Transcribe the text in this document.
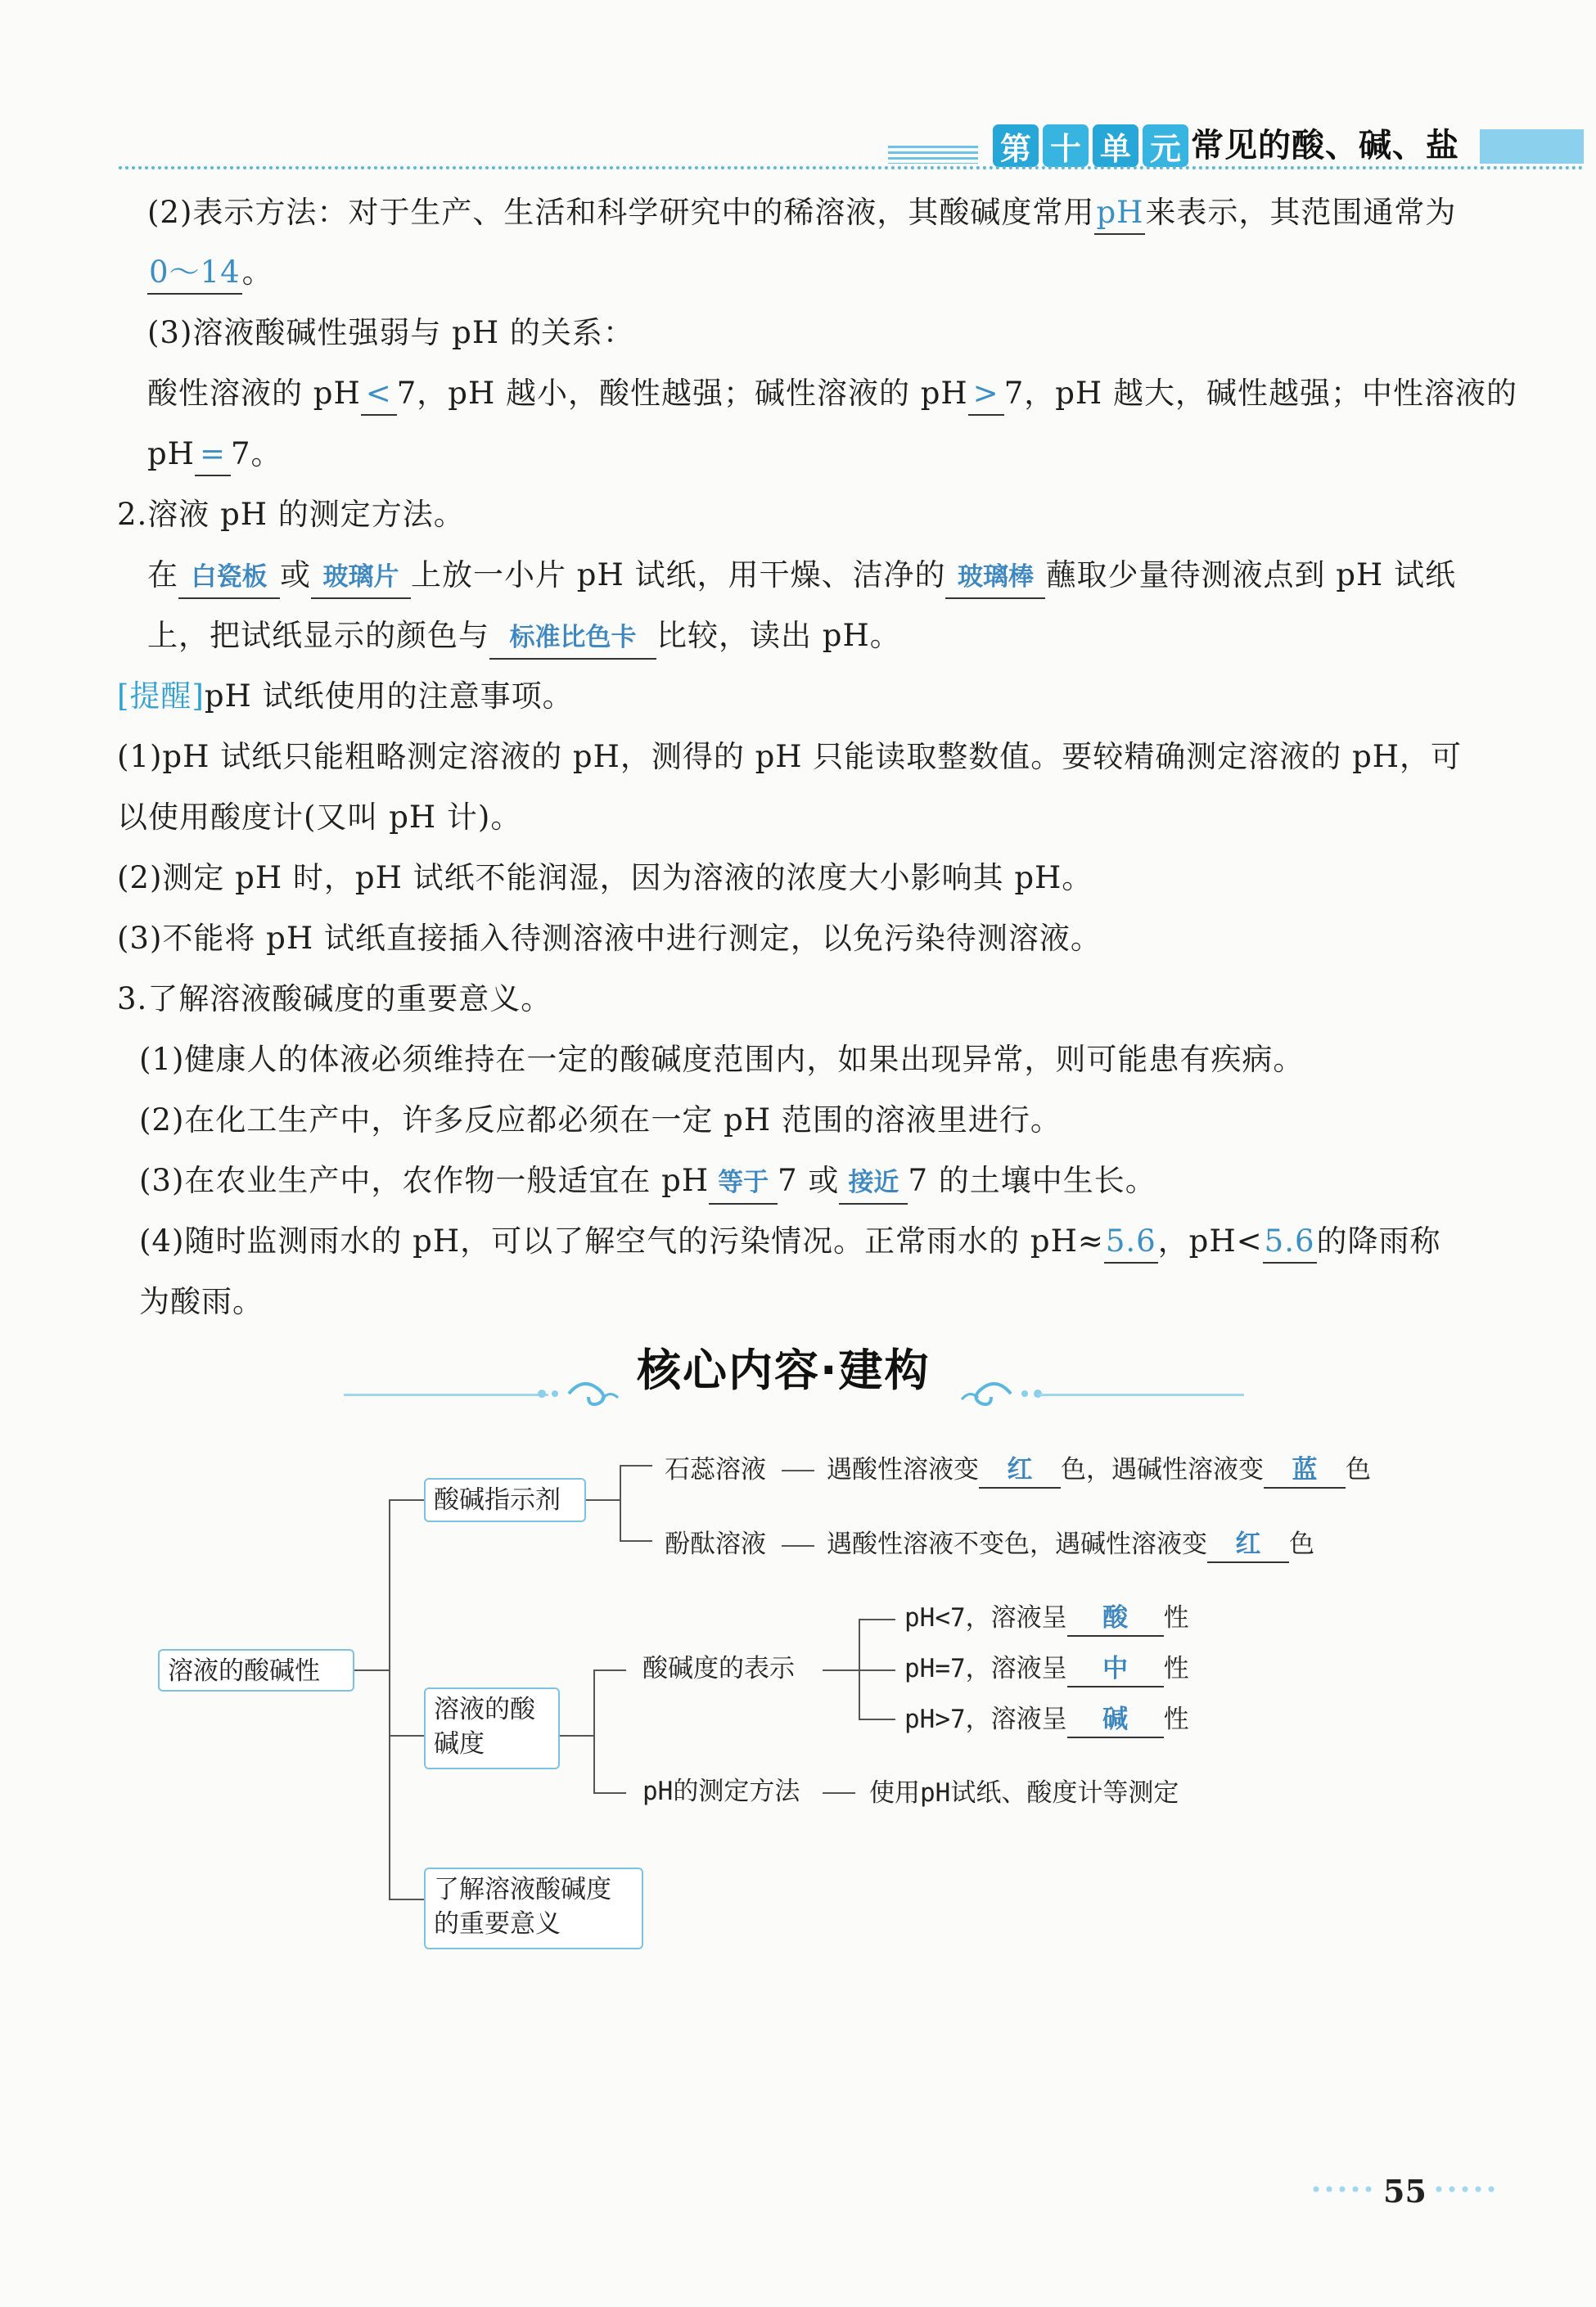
第 十 单 元 常见的酸、碱、盐
(2)表示方法：对于生产、生活和科学研究中的稀溶液，其酸碱度常用pH来表示，其范围通常为
0～14。
(3)溶液酸碱性强弱与 pH 的关系：
酸性溶液的 pH < 7，pH 越小，酸性越强；碱性溶液的 pH > 7，pH 越大，碱性越强；中性溶液的
pH = 7。
2.溶液 pH 的测定方法。
在 白瓷板 或 玻璃片 上放一小片 pH 试纸，用干燥、洁净的 玻璃棒 蘸取少量待测液点到 pH 试纸
上，把试纸显示的颜色与 标准比色卡 比较，读出 pH。
[提醒]pH 试纸使用的注意事项。
(1)pH 试纸只能粗略测定溶液的 pH，测得的 pH 只能读取整数值。要较精确测定溶液的 pH，可
以使用酸度计(又叫 pH 计)。
(2)测定 pH 时，pH 试纸不能润湿，因为溶液的浓度大小影响其 pH。
(3)不能将 pH 试纸直接插入待测溶液中进行测定，以免污染待测溶液。
3.了解溶液酸碱度的重要意义。
(1)健康人的体液必须维持在一定的酸碱度范围内，如果出现异常，则可能患有疾病。
(2)在化工生产中，许多反应都必须在一定 pH 范围的溶液里进行。
(3)在农业生产中，农作物一般适宜在 pH 等于 7 或 接近 7 的土壤中生长。
(4)随时监测雨水的 pH，可以了解空气的污染情况。正常雨水的 pH≈5.6，pH<5.6的降雨称
为酸雨。
核心内容·建构
溶液的酸碱性
酸碱指示剂
溶液的酸
碱度
了解溶液酸碱度
的重要意义
石蕊溶液 遇酸性溶液变 红 色，遇碱性溶液变 蓝 色
酚酞溶液 遇酸性溶液不变色，遇碱性溶液变 红 色
酸碱度的表示
pH<7，溶液呈 酸 性
pH=7，溶液呈 中 性
pH>7，溶液呈 碱 性
pH的测定方法	使用pH试纸、酸度计等测定
55
